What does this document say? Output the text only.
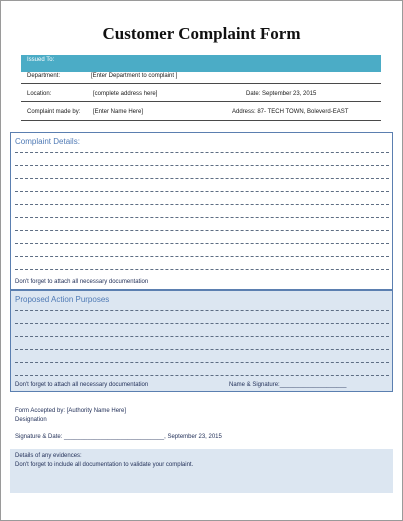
Customer Complaint Form
Issued To:
Department:	[Enter Department to complaint ]
Location:	[complete address here]	Date: September 23, 2015
Complaint made by: [Enter Name Here]	Address: 87- TECH TOWN, Boleverd-EAST
Complaint Details:
Don't forget to attach all necessary documentation
Proposed Action Purposes
Don't forget to attach all necessary documentation	Name & Signature:____________________
Form Accepted by: [Authority Name Here]
Designation
Signature & Date: ______________________________, September 23, 2015
Details of any evidences:
Don't forget to include all documentation to validate your complaint.
